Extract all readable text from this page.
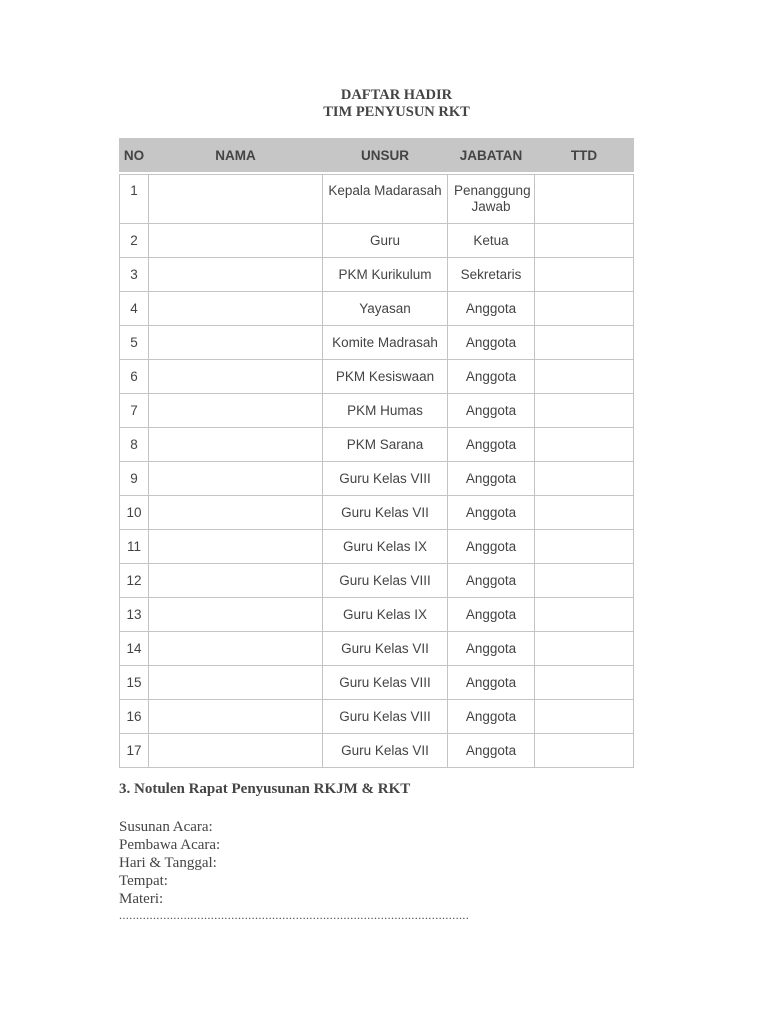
DAFTAR HADIR
TIM PENYUSUN RKT
NO	NAMA	UNSUR	JABATAN	TTD

1		Kepala Madarasah	Penanggung Jawab	
2		Guru	Ketua	
3		PKM Kurikulum	Sekretaris	
4		Yayasan	Anggota	
5		Komite Madrasah	Anggota	
6		PKM Kesiswaan	Anggota	
7		PKM Humas	Anggota	
8		PKM Sarana	Anggota	
9		Guru Kelas VIII	Anggota	
10		Guru Kelas VII	Anggota	
11		Guru Kelas IX	Anggota	
12		Guru Kelas VIII	Anggota	
13		Guru Kelas IX	Anggota	
14		Guru Kelas VII	Anggota	
15		Guru Kelas VIII	Anggota	
16		Guru Kelas VIII	Anggota	
17		Guru Kelas VII	Anggota	
3. Notulen Rapat Penyusunan RKJM & RKT
Susunan Acara:
Pembawa Acara:
Hari & Tanggal:
Tempat:
Materi:
.......................................................................................................
